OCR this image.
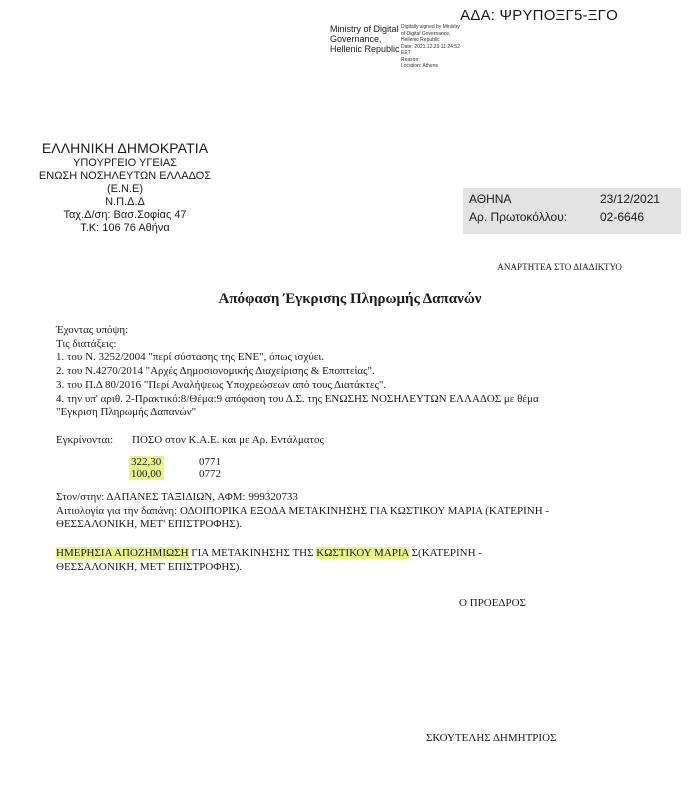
ΑΔΑ: ΨΡΥΠΟΞΓ5-ΞΓΟ
Ministry of Digital
Governance,
Hellenic Republic
Digitally signed by Ministry
of Digital Governance,
Hellenic Republic
Date: 2021.12.29 11:24:52
EET
Reason:
Location: Athens
ΕΛΛΗΝΙΚΗ ΔΗΜΟΚΡΑΤΙΑ
ΥΠΟΥΡΓΕΙΟ ΥΓΕΙΑΣ
ΕΝΩΣΗ ΝΟΣΗΛΕΥΤΩΝ ΕΛΛΑΔΟΣ
(Ε.Ν.Ε)
Ν.Π.Δ.Δ
Ταχ.Δ/ση: Βασ.Σοφίας 47
Τ.Κ: 106 76 Αθήνα
ΑΘΗΝΑ	23/12/2021
Αρ. Πρωτοκόλλου:	02-6646
ΑΝΑΡΤΗΤΕΑ ΣΤΟ ΔΙΑΔΙΚΤΥΟ
Απόφαση Έγκρισης Πληρωμής Δαπανών
Έχοντας υπόψη:
Τις διατάξεις:
1. του Ν. 3252/2004 "περί σύστασης της ΕΝΕ", όπως ισχύει.
2. του Ν.4270/2014 "Αρχές Δημοσιονομικής Διαχείρισης & Εποπτείας".
3. του Π.Δ 80/2016 "Περί Αναλήψεως Υποχρεώσεων από τους Διατάκτες".
4. την υπ' αριθ. 2-Πρακτικό:8/Θέμα:9 απόφαση του Δ.Σ. της ΕΝΩΣΗΣ ΝΟΣΗΛΕΥΤΩΝ ΕΛΛΑΔΟΣ με θέμα
"Εγκριση Πληρωμής Δαπανών"
Εγκρίνονται: ΠΟΣΟ στον Κ.Α.Ε. και με Αρ. Εντάλματος
322,30	0771
100,00	0772
Στον/στην: ΔΑΠΑΝΕΣ ΤΑΞΙΔΙΩΝ, ΑΦΜ: 999320733
Αιτιολογία για την δαπάνη: ΟΔΟΙΠΟΡΙΚΑ ΕΞΟΔΑ ΜΕΤΑΚΙΝΗΣΗΣ ΓΙΑ ΚΩΣΤΙΚΟΥ ΜΑΡΙΑ (ΚΑΤΕΡΙΝΗ -
ΘΕΣΣΑΛΟΝΙΚΗ, ΜΕΤ' ΕΠΙΣΤΡΟΦΗΣ).
ΗΜΕΡΗΣΙΑ ΑΠΟΖΗΜΙΩΣΗ ΓΙΑ ΜΕΤΑΚΙΝΗΣΗΣ ΤΗΣ ΚΩΣΤΙΚΟΥ ΜΑΡΙΑ Σ(ΚΑΤΕΡΙΝΗ -
ΘΕΣΣΑΛΟΝΙΚΗ, ΜΕΤ' ΕΠΙΣΤΡΟΦΗΣ).
Ο ΠΡΟΕΔΡΟΣ
ΣΚΟΥΤΕΛΗΣ ΔΗΜΗΤΡΙΟΣ
